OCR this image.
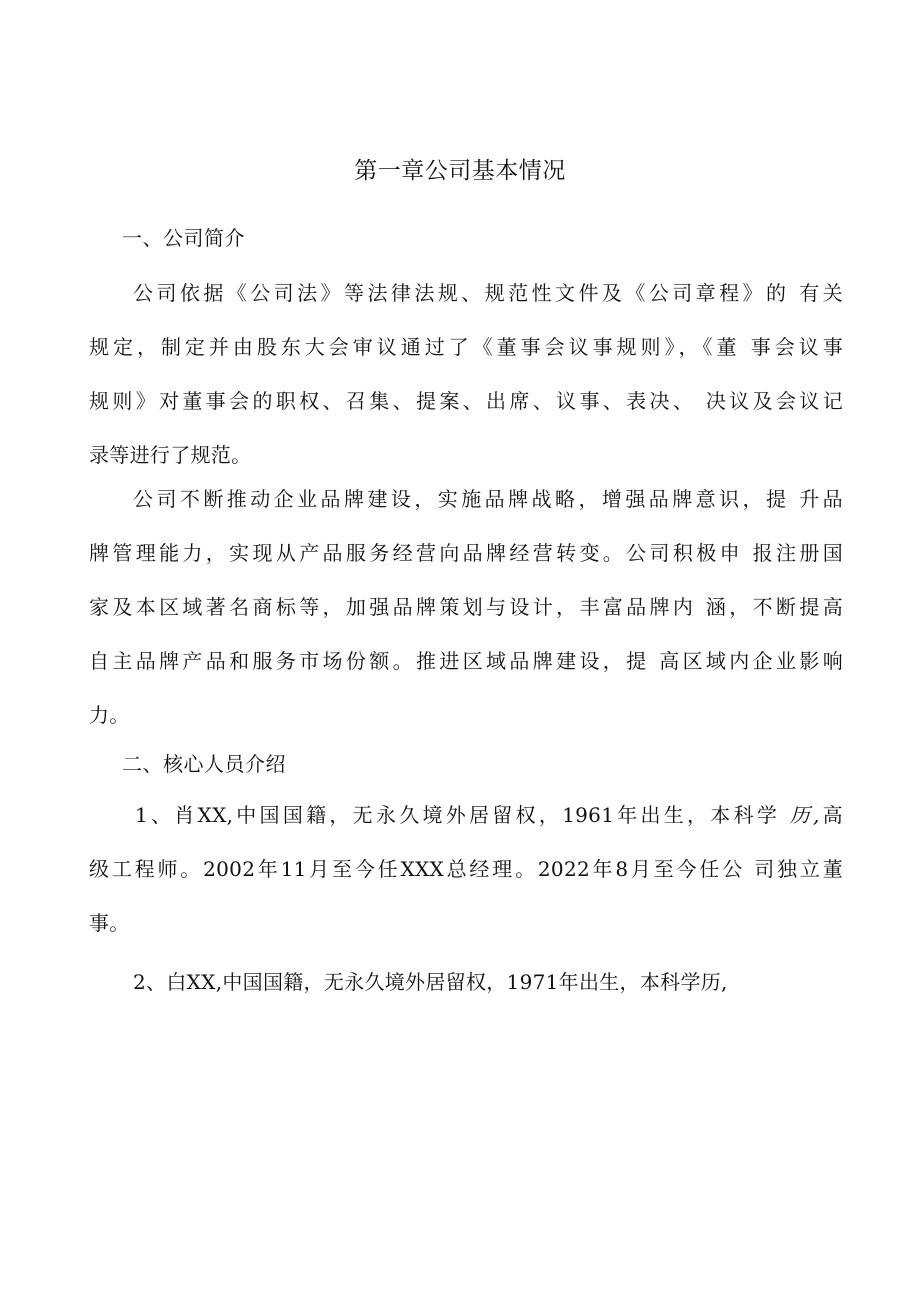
第一章公司基本情况
一、公司简介
公司依据《公司法》等法律法规、规范性文件及《公司章程》的 有关
规定，制定并由股东大会审议通过了《董事会议事规则》，《董 事会议事
规则》对董事会的职权、召集、提案、出席、议事、表决、 决议及会议记
录等进行了规范。
公司不断推动企业品牌建设，实施品牌战略，增强品牌意识，提 升品
牌管理能力，实现从产品服务经营向品牌经营转变。公司积极申 报注册国
家及本区域著名商标等，加强品牌策划与设计，丰富品牌内 涵，不断提高
自主品牌产品和服务市场份额。推进区域品牌建设，提 高区域内企业影响
力。
二、核心人员介绍
1、肖XX,中国国籍，无永久境外居留权，1961年出生，本科学 历,高
级工程师。2002年11月至今任XXX总经理。2022年8月至今任公 司独立董
事。
2、白XX,中国国籍，无永久境外居留权，1971年出生，本科学历,
